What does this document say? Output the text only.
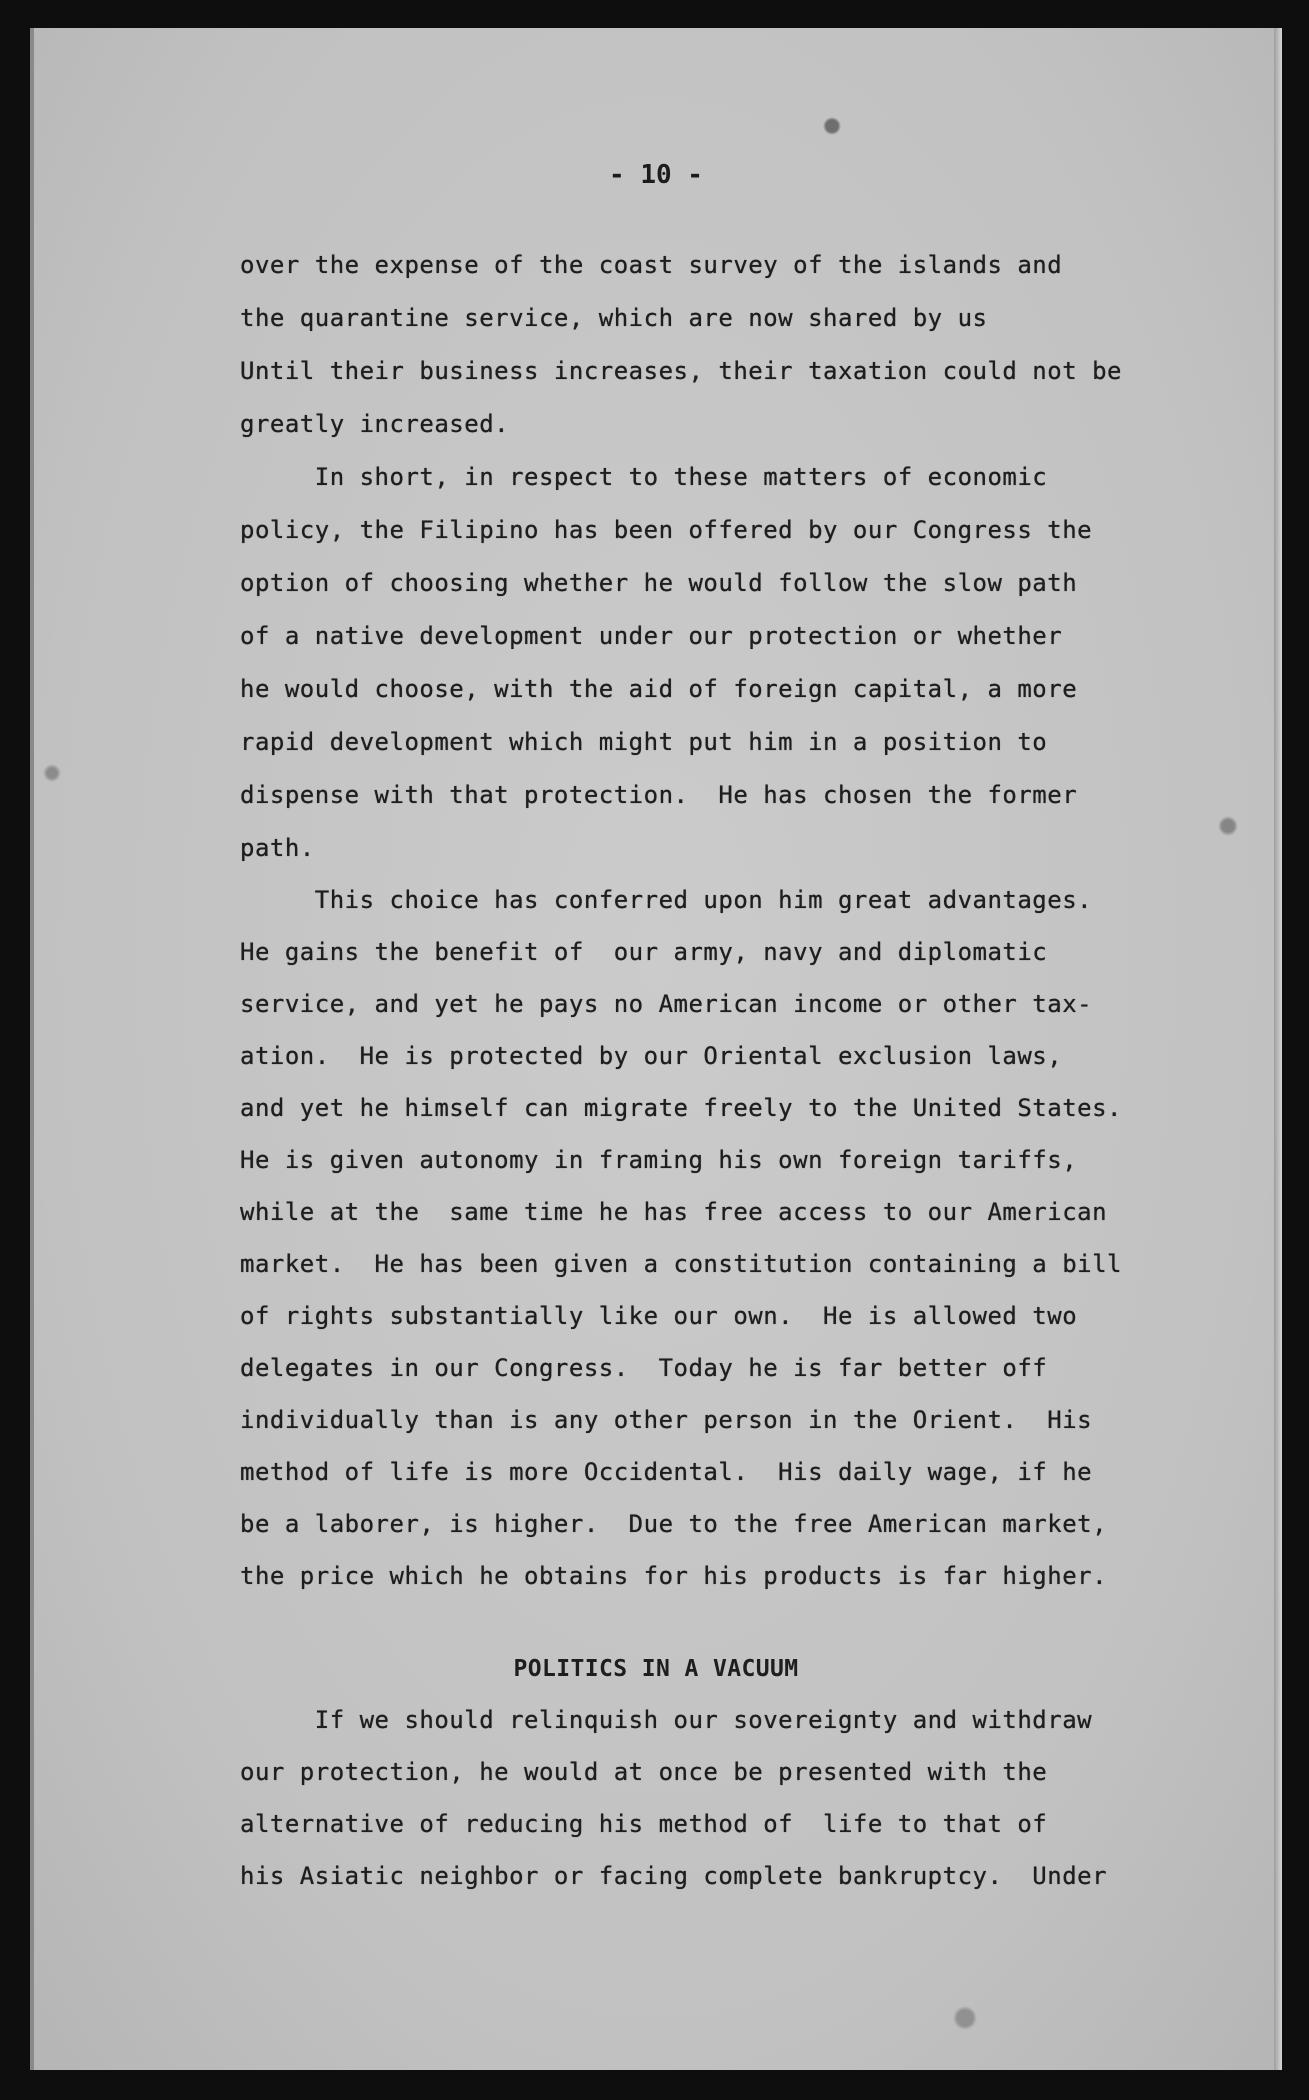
- 10 -
over the expense of the coast survey of the islands and
the quarantine service, which are now shared by us
Until their business increases, their taxation could not be
greatly increased.
In short, in respect to these matters of economic
policy, the Filipino has been offered by our Congress the
option of choosing whether he would follow the slow path
of a native development under our protection or whether
he would choose, with the aid of foreign capital, a more
rapid development which might put him in a position to
dispense with that protection.  He has chosen the former
path.
This choice has conferred upon him great advantages.
He gains the benefit of  our army, navy and diplomatic
service, and yet he pays no American income or other tax-
ation.  He is protected by our Oriental exclusion laws,
and yet he himself can migrate freely to the United States.
He is given autonomy in framing his own foreign tariffs,
while at the  same time he has free access to our American
market.  He has been given a constitution containing a bill
of rights substantially like our own.  He is allowed two
delegates in our Congress.  Today he is far better off
individually than is any other person in the Orient.  His
method of life is more Occidental.  His daily wage, if he
be a laborer, is higher.  Due to the free American market,
the price which he obtains for his products is far higher.
POLITICS IN A VACUUM
If we should relinquish our sovereignty and withdraw
our protection, he would at once be presented with the
alternative of reducing his method of  life to that of
his Asiatic neighbor or facing complete bankruptcy.  Under
